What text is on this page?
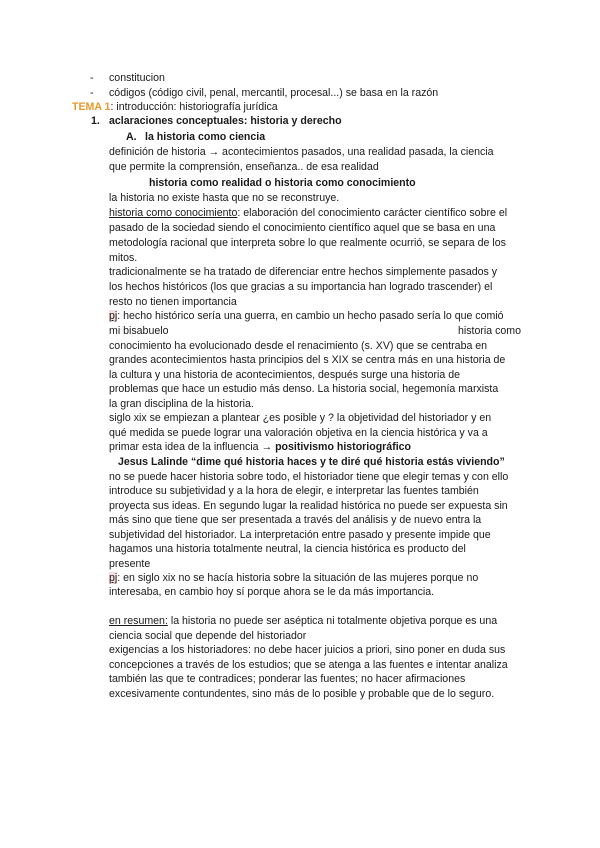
- constitucion
- códigos (código civil, penal, mercantil, procesal...) se basa en la razón
TEMA 1: introducción: historiografía jurídica
1. aclaraciones conceptuales: historia y derecho
A. la historia como ciencia
definición de historia → acontecimientos pasados, una realidad pasada, la ciencia
que permite la comprensión, enseñanza.. de esa realidad
historia como realidad o historia como conocimiento
la historia no existe hasta que no se reconstruye.
historia como conocimiento: elaboración del conocimiento carácter científico sobre el
pasado de la sociedad siendo el conocimiento científico aquel que se basa en una
metodología racional que interpreta sobre lo que realmente ocurrió, se separa de los
mitos.
tradicionalmente se ha tratado de diferenciar entre hechos simplemente pasados y
los hechos históricos (los que gracias a su importancia han logrado trascender) el
resto no tienen importancia
pj: hecho histórico sería una guerra, en cambio un hecho pasado sería lo que comió
mi bisabuelo	historia como
conocimiento ha evolucionado desde el renacimiento (s. XV) que se centraba en
grandes acontecimientos hasta principios del s XIX se centra más en una historia de
la cultura y una historia de acontecimientos, después surge una historia de
problemas que hace un estudio más denso. La historia social, hegemonía marxista
la gran disciplina de la historia.
siglo xix se empiezan a plantear ¿es posible y ? la objetividad del historiador y en
qué medida se puede lograr una valoración objetiva en la ciencia histórica y va a
primar esta idea de la influencia → positivismo historiográfico
Jesus Lalinde “dime qué historia haces y te diré qué historia estás viviendo”
no se puede hacer historia sobre todo, el historiador tiene que elegir temas y con ello
introduce su subjetividad y a la hora de elegir, e interpretar las fuentes también
proyecta sus ideas. En segundo lugar la realidad histórica no puede ser expuesta sin
más sino que tiene que ser presentada a través del análisis y de nuevo entra la
subjetividad del historiador. La interpretación entre pasado y presente impide que
hagamos una historia totalmente neutral, la ciencia histórica es producto del
presente
pj: en siglo xix no se hacía historia sobre la situación de las mujeres porque no
interesaba, en cambio hoy sí porque ahora se le da más importancia.
en resumen: la historia no puede ser aséptica ni totalmente objetiva porque es una
ciencia social que depende del historiador
exigencias a los historiadores: no debe hacer juicios a priori, sino poner en duda sus
concepciones a través de los estudios; que se atenga a las fuentes e intentar analiza
también las que te contradices; ponderar las fuentes; no hacer afirmaciones
excesivamente contundentes, sino más de lo posible y probable que de lo seguro.
